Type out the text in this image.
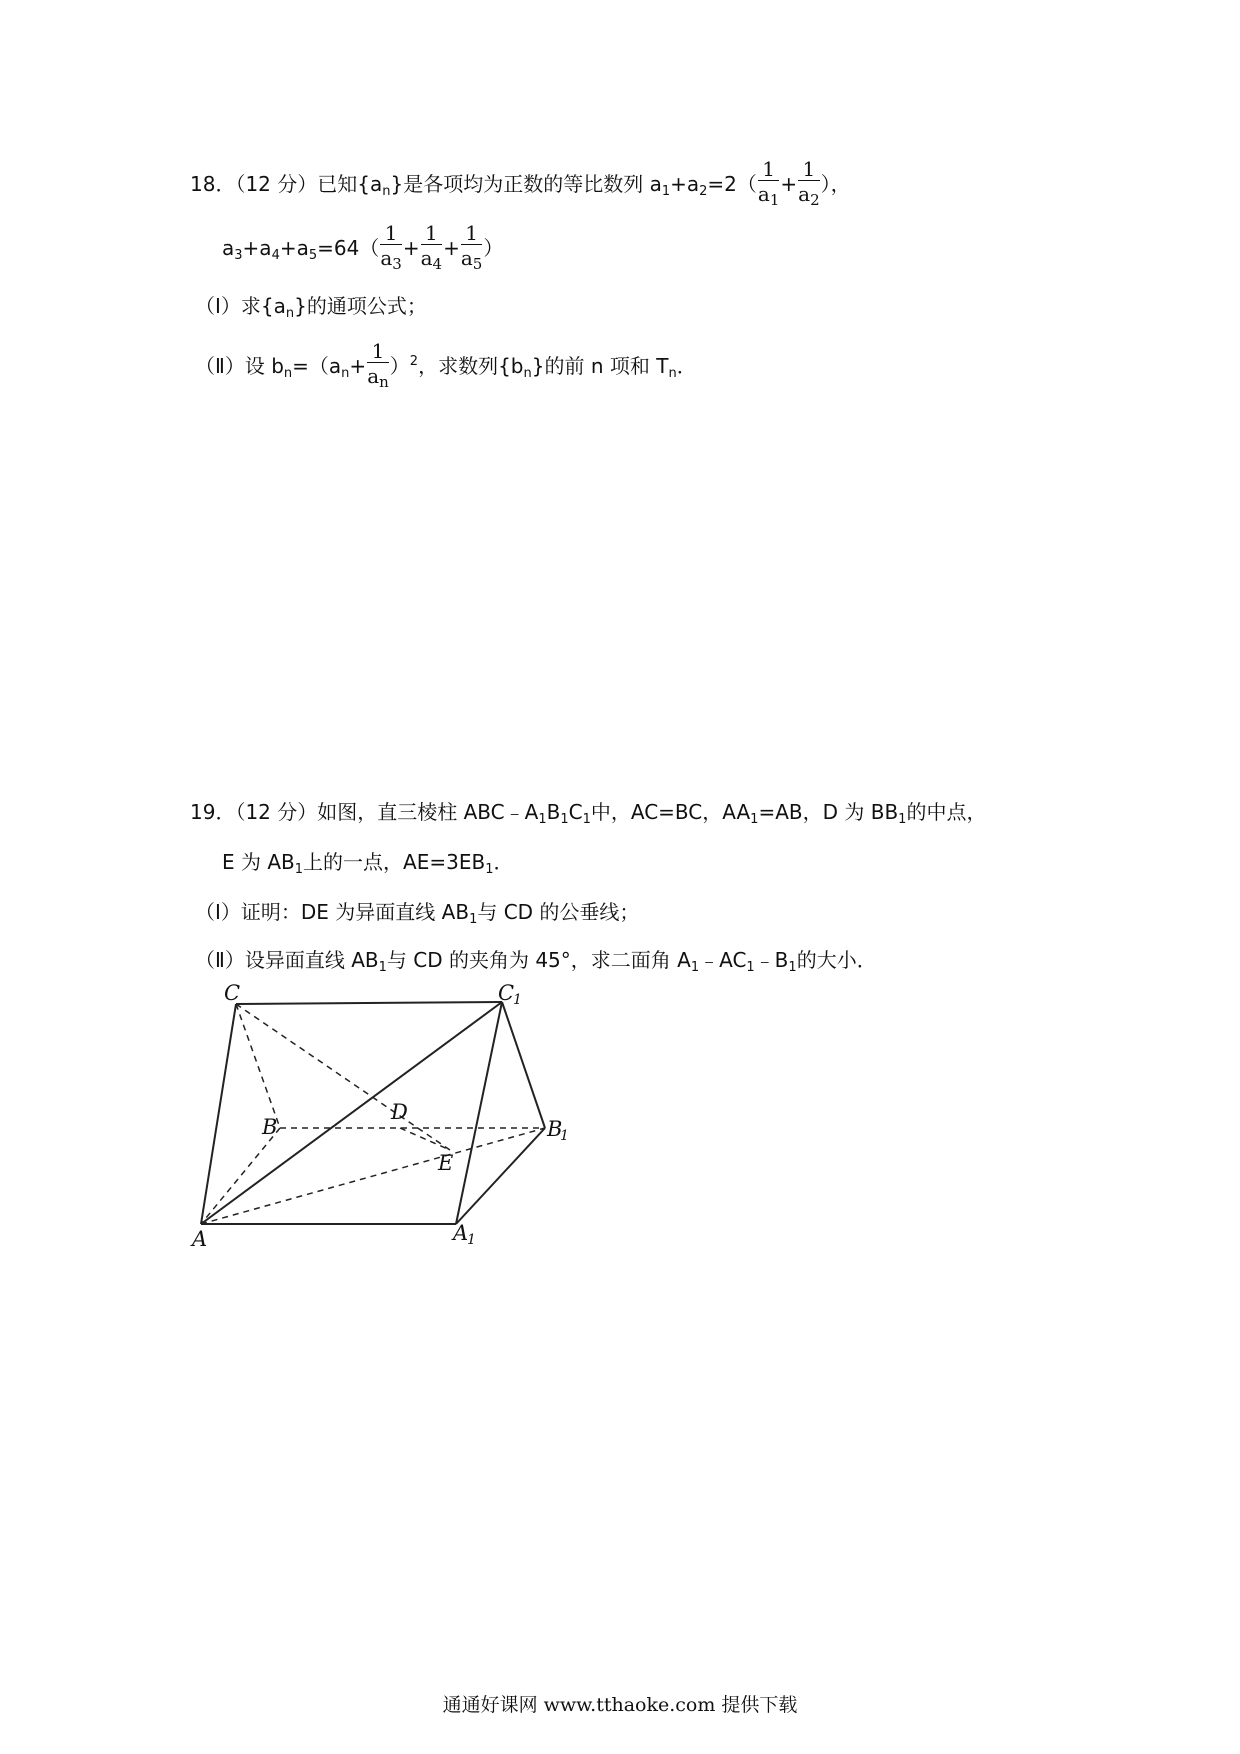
18．（12 分）已知$\{a_n\}$是各项均为正数的等比数列 $a_1+a_2=2( \frac{1}{a_1} + \frac{1}{a_2}$ ），
$a_3+a_4+a_5=64( \frac{1}{a_3} + \frac{1}{a_4} + \frac{1}{a_5}$ ）
（Ⅰ）求$\{a_n\}$的通项公式；
（Ⅱ）设 $b_n=(a_n+ \frac{1}{a_n} )^2$，求数列$\{b_n\}$的前 n 项和 $T_n$．
19．（12 分）如图，直三棱柱 $ABC﹣A_1B_1C_1$中，AC=BC，$AA_1=AB$，D 为 $BB_1$的中点，
E 为 $AB_1$上的一点，$AE=3EB_1$．
（Ⅰ）证明：DE 为异面直线 $AB_1$与 CD 的公垂线；
（Ⅱ）设异面直线 $AB_1$与 CD 的夹角为 45°，求二面角 $A_1﹣AC_1﹣B_1$的大小．
C	C
1
B
D
B
1
E
A	A
1
通通好课网 www.tthaoke.com 提供下载
